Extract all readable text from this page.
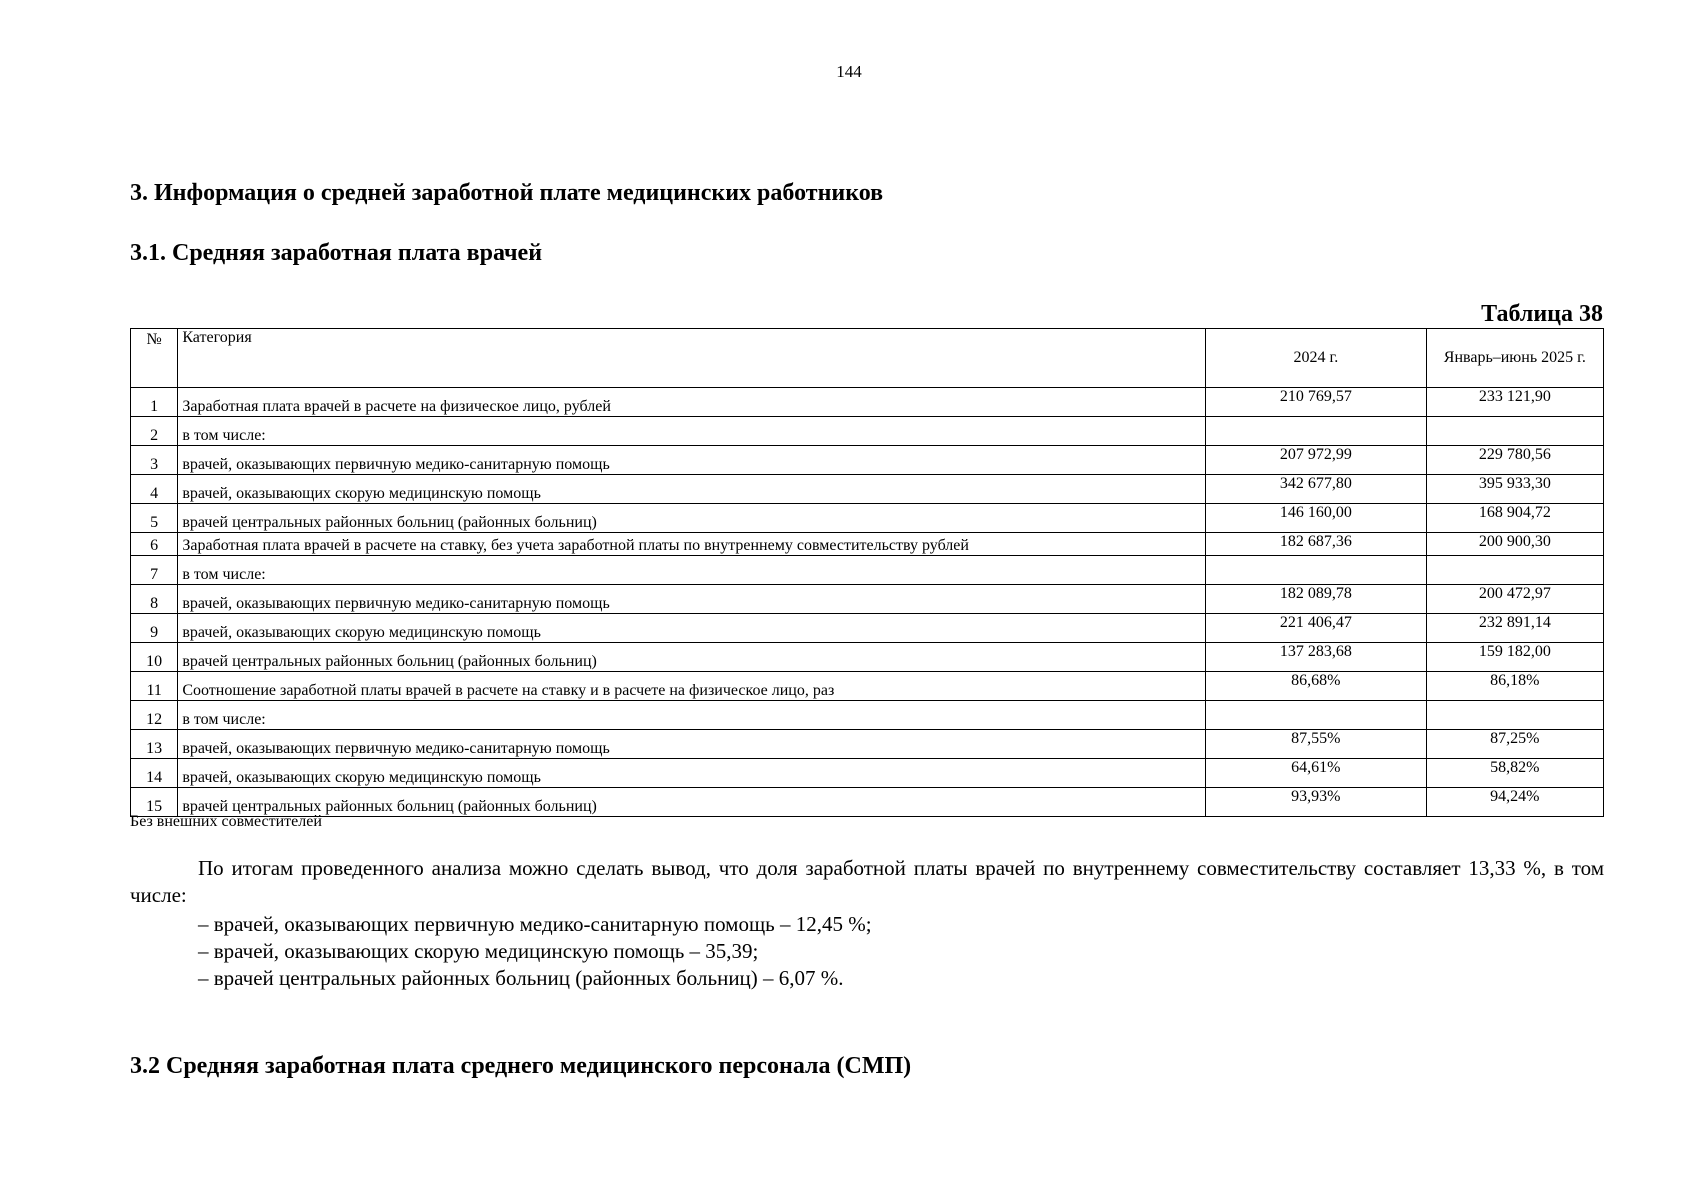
144
3. Информация о средней заработной плате медицинских работников
3.1. Средняя заработная плата врачей
Таблица 38
№	Категория	2024 г.	Январь–июнь 2025 г.
1	Заработная плата врачей в расчете на физическое лицо, рублей	210 769,57	233 121,90
2	в том числе:		
3	врачей, оказывающих первичную медико-санитарную помощь	207 972,99	229 780,56
4	врачей, оказывающих скорую медицинскую помощь	342 677,80	395 933,30
5	врачей центральных районных больниц (районных больниц)	146 160,00	168 904,72
6	Заработная плата врачей в расчете на ставку, без учета заработной платы по внутреннему совместительству рублей	182 687,36	200 900,30
7	в том числе:		
8	врачей, оказывающих первичную медико-санитарную помощь	182 089,78	200 472,97
9	врачей, оказывающих скорую медицинскую помощь	221 406,47	232 891,14
10	врачей центральных районных больниц (районных больниц)	137 283,68	159 182,00
11	Соотношение заработной платы врачей в расчете на ставку и в расчете на физическое лицо, раз	86,68%	86,18%
12	в том числе:		
13	врачей, оказывающих первичную медико-санитарную помощь	87,55%	87,25%
14	врачей, оказывающих скорую медицинскую помощь	64,61%	58,82%
15	врачей центральных районных больниц (районных больниц)	93,93%	94,24%
Без внешних совместителей

По итогам проведенного анализа можно сделать вывод, что доля заработной платы врачей по внутреннему совместительству составляет 13,33 %, в том числе:

– врачей, оказывающих первичную медико-санитарную помощь – 12,45 %;
– врачей, оказывающих скорую медицинскую помощь – 35,39;
– врачей центральных районных больниц (районных больниц) – 6,07 %.
3.2 Средняя заработная плата среднего медицинского персонала (СМП)
